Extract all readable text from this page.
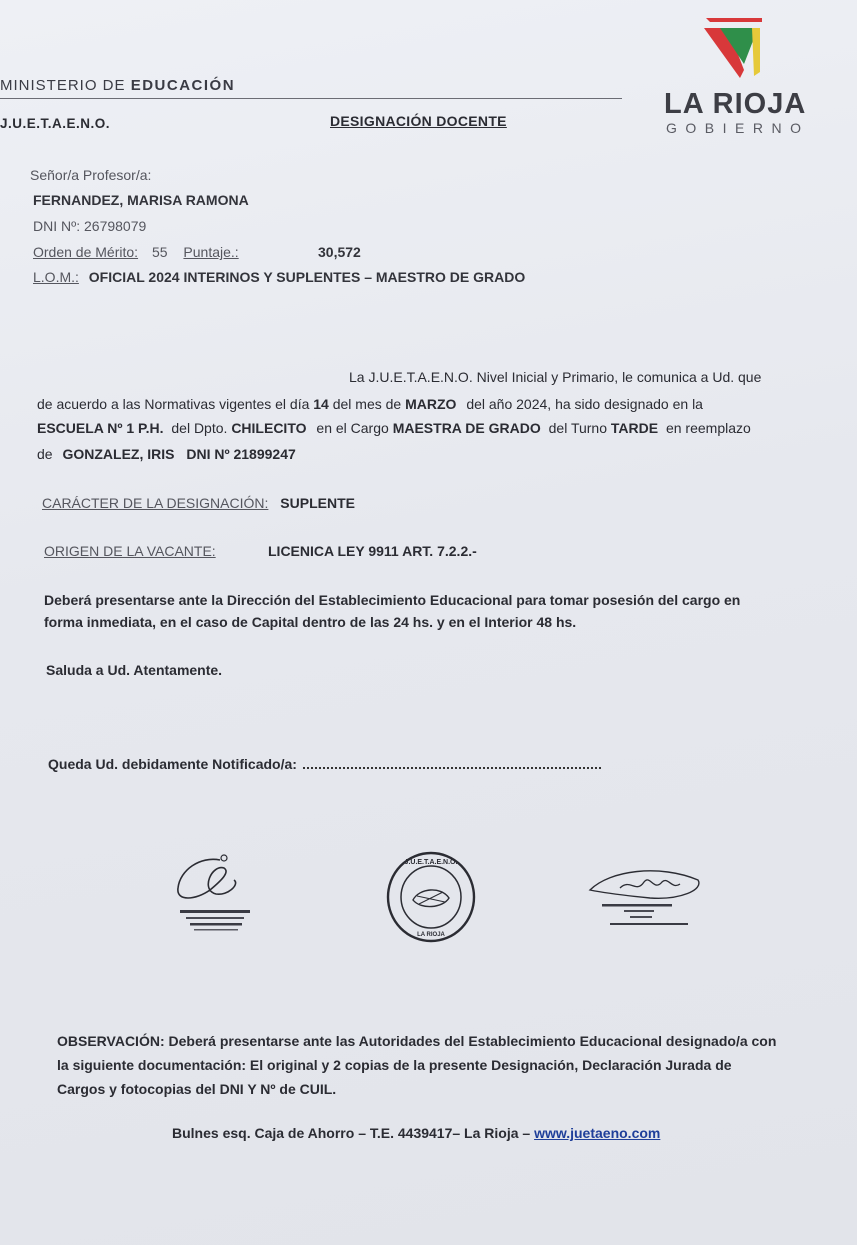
MINISTERIO DE EDUCACIÓN
J.U.E.T.A.E.N.O.	DESIGNACIÓN DOCENTE
LA RIOJA
GOBIERNO
Señor/a Profesor/a:
FERNANDEZ, MARISA RAMONA
DNI Nº: 26798079
Orden de Mérito: 55 Puntaje.:	30,572
L.O.M.: OFICIAL 2024 INTERINOS Y SUPLENTES – MAESTRO DE GRADO
La J.U.E.T.A.E.N.O. Nivel Inicial y Primario, le comunica a Ud. que
de acuerdo a las Normativas vigentes el día 14 del mes de MARZO del año 2024, ha sido designado en la
ESCUELA Nº 1 P.H. del Dpto. CHILECITO en el Cargo MAESTRA DE GRADO del Turno TARDE en reemplazo
de GONZALEZ, IRIS DNI Nº 21899247
CARÁCTER DE LA DESIGNACIÓN: SUPLENTE
ORIGEN DE LA VACANTE:	LICENICA LEY 9911 ART. 7.2.2.-
Deberá presentarse ante la Dirección del Establecimiento Educacional para tomar posesión del cargo en
forma inmediata, en el caso de Capital dentro de las 24 hs. y en el Interior 48 hs.
Saluda a Ud. Atentamente.
Queda Ud. debidamente Notificado/a:
J.U.E.T.A.E.N.O.
LA RIOJA
OBSERVACIÓN: Deberá presentarse ante las Autoridades del Establecimiento Educacional designado/a con
la siguiente documentación: El original y 2 copias de la presente Designación, Declaración Jurada de
Cargos y fotocopias del DNI Y Nº de CUIL.
Bulnes esq. Caja de Ahorro – T.E. 4439417– La Rioja – www.juetaeno.com
